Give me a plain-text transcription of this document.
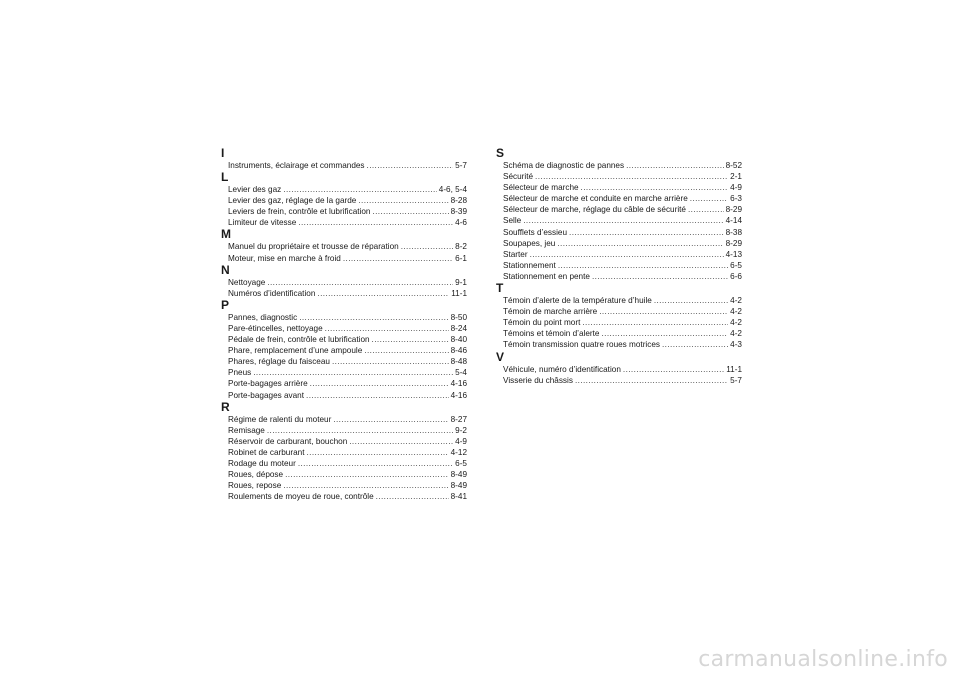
I
Instruments, éclairage et commandes .....	5-7
L
Levier des gaz .....	4-6, 5-4
Levier des gaz, réglage de la garde .....	8-28
Leviers de frein, contrôle et lubrification .....	8-39
Limiteur de vitesse .....	4-6
M
Manuel du propriétaire et trousse de réparation .....	8-2
Moteur, mise en marche à froid .....	6-1
N
Nettoyage .....	9-1
Numéros d’identification .....	11-1
P
Pannes, diagnostic .....	8-50
Pare-étincelles, nettoyage .....	8-24
Pédale de frein, contrôle et lubrification .....	8-40
Phare, remplacement d’une ampoule .....	8-46
Phares, réglage du faisceau .....	8-48
Pneus .....	5-4
Porte-bagages arrière .....	4-16
Porte-bagages avant .....	4-16
R
Régime de ralenti du moteur .....	8-27
Remisage .....	9-2
Réservoir de carburant, bouchon .....	4-9
Robinet de carburant .....	4-12
Rodage du moteur .....	6-5
Roues, dépose .....	8-49
Roues, repose .....	8-49
Roulements de moyeu de roue, contrôle .....	8-41
S
Schéma de diagnostic de pannes .....	8-52
Sécurité .....	2-1
Sélecteur de marche .....	4-9
Sélecteur de marche et conduite en marche arrière .....	6-3
Sélecteur de marche, réglage du câble de sécurité .....	8-29
Selle .....	4-14
Soufflets d’essieu .....	8-38
Soupapes, jeu .....	8-29
Starter .....	4-13
Stationnement .....	6-5
Stationnement en pente .....	6-6
T
Témoin d’alerte de la température d’huile .....	4-2
Témoin de marche arrière .....	4-2
Témoin du point mort .....	4-2
Témoins et témoin d’alerte .....	4-2
Témoin transmission quatre roues motrices .....	4-3
V
Véhicule, numéro d’identification .....	11-1
Visserie du châssis .....	5-7
carmanualsonline.info
